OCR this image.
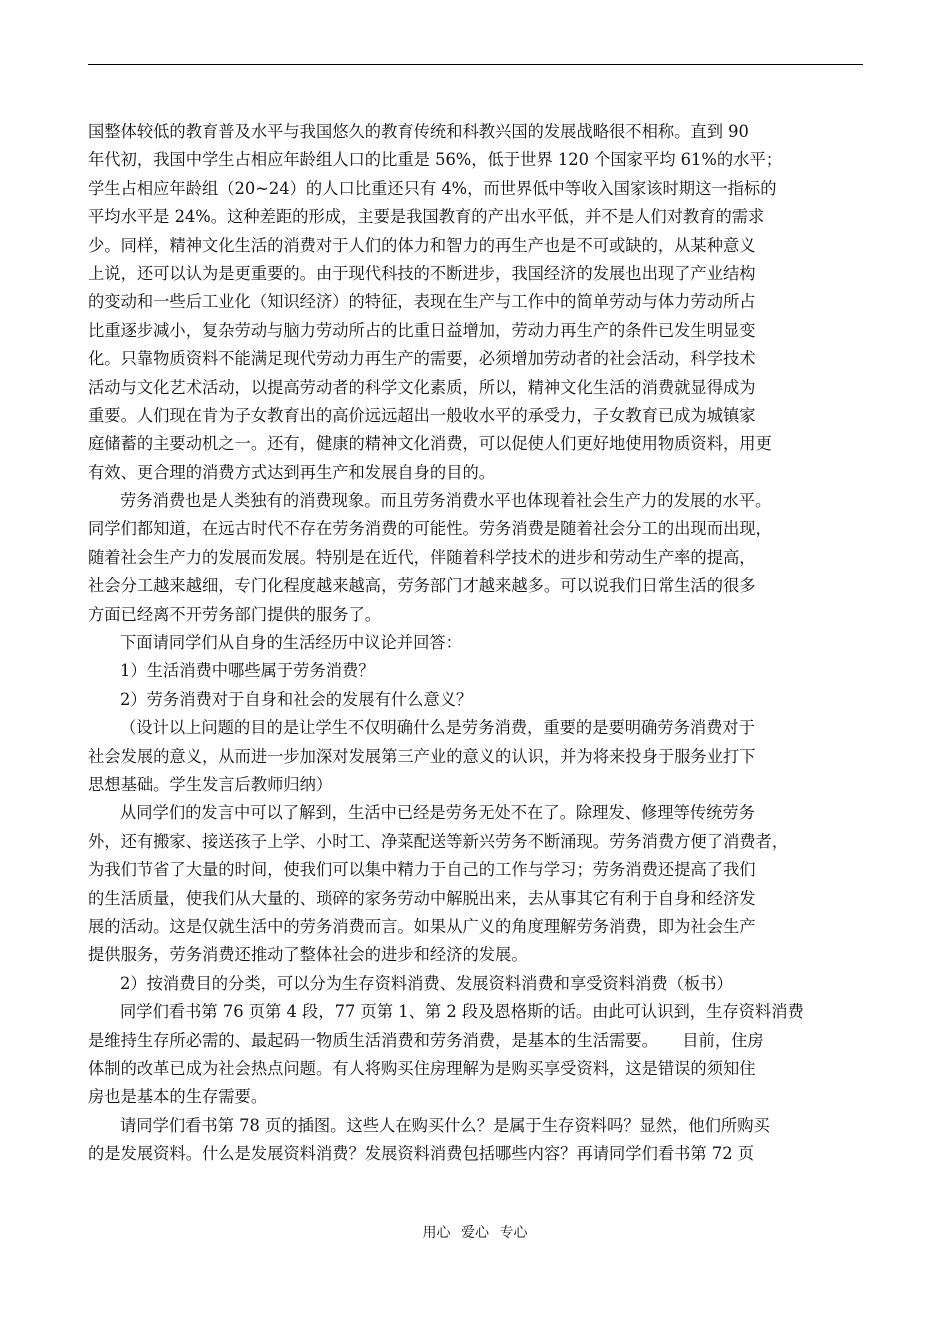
国整体较低的教育普及水平与我国悠久的教育传统和科教兴国的发展战略很不相称。直到 90
年代初，我国中学生占相应年龄组人口的比重是 56%，低于世界 120 个国家平均 61%的水平；
学生占相应年龄组（20~24）的人口比重还只有 4%，而世界低中等收入国家该时期这一指标的
平均水平是 24%。这种差距的形成，主要是我国教育的产出水平低，并不是人们对教育的需求
少。同样，精神文化生活的消费对于人们的体力和智力的再生产也是不可或缺的，从某种意义
上说，还可以认为是更重要的。由于现代科技的不断进步，我国经济的发展也出现了产业结构
的变动和一些后工业化（知识经济）的特征，表现在生产与工作中的简单劳动与体力劳动所占
比重逐步减小，复杂劳动与脑力劳动所占的比重日益增加，劳动力再生产的条件已发生明显变
化。只靠物质资料不能满足现代劳动力再生产的需要，必须增加劳动者的社会活动，科学技术
活动与文化艺术活动，以提高劳动者的科学文化素质，所以，精神文化生活的消费就显得成为
重要。人们现在肯为子女教育出的高价远远超出一般收水平的承受力，子女教育已成为城镇家
庭储蓄的主要动机之一。还有，健康的精神文化消费，可以促使人们更好地使用物质资料，用更
有效、更合理的消费方式达到再生产和发展自身的目的。
劳务消费也是人类独有的消费现象。而且劳务消费水平也体现着社会生产力的发展的水平。
同学们都知道，在远古时代不存在劳务消费的可能性。劳务消费是随着社会分工的出现而出现，
随着社会生产力的发展而发展。特别是在近代，伴随着科学技术的进步和劳动生产率的提高，
社会分工越来越细，专门化程度越来越高，劳务部门才越来越多。可以说我们日常生活的很多
方面已经离不开劳务部门提供的服务了。
下面请同学们从自身的生活经历中议论并回答：
1）生活消费中哪些属于劳务消费？
2）劳务消费对于自身和社会的发展有什么意义？
（设计以上问题的目的是让学生不仅明确什么是劳务消费，重要的是要明确劳务消费对于
社会发展的意义，从而进一步加深对发展第三产业的意义的认识，并为将来投身于服务业打下
思想基础。学生发言后教师归纳）
从同学们的发言中可以了解到，生活中已经是劳务无处不在了。除理发、修理等传统劳务
外，还有搬家、接送孩子上学、小时工、净菜配送等新兴劳务不断涌现。劳务消费方便了消费者，
为我们节省了大量的时间，使我们可以集中精力于自己的工作与学习；劳务消费还提高了我们
的生活质量，使我们从大量的、琐碎的家务劳动中解脱出来，去从事其它有利于自身和经济发
展的活动。这是仅就生活中的劳务消费而言。如果从广义的角度理解劳务消费，即为社会生产
提供服务，劳务消费还推动了整体社会的进步和经济的发展。
2）按消费目的分类，可以分为生存资料消费、发展资料消费和享受资料消费（板书）
同学们看书第 76 页第 4 段，77 页第 1、第 2 段及恩格斯的话。由此可认识到，生存资料消费
是维持生存所必需的、最起码一物质生活消费和劳务消费，是基本的生活需要。　　目前，住房
体制的改革已成为社会热点问题。有人将购买住房理解为是购买享受资料，这是错误的须知住
房也是基本的生存需要。
请同学们看书第 78 页的插图。这些人在购买什么？是属于生存资料吗？显然，他们所购买
的是发展资料。什么是发展资料消费？发展资料消费包括哪些内容？再请同学们看书第 72 页
用心 爱心 专心
